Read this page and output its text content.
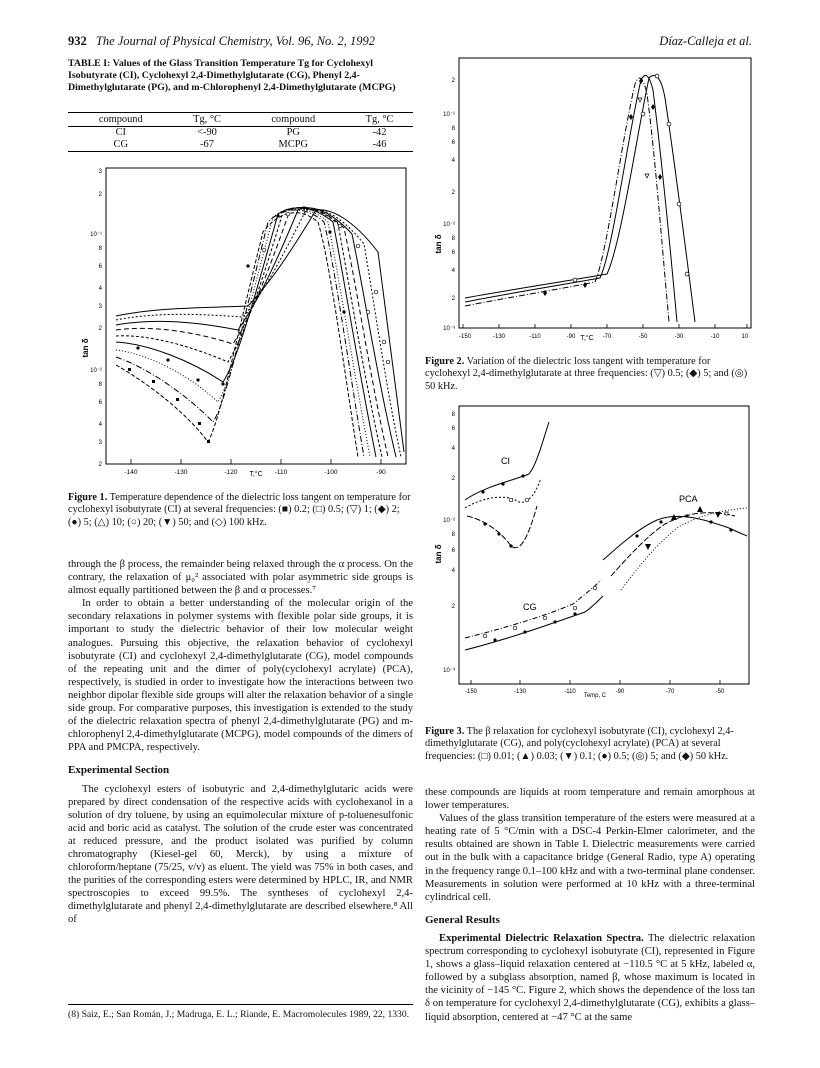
932 The Journal of Physical Chemistry, Vol. 96, No. 2, 1992	Díaz-Calleja et al.
TABLE I: Values of the Glass Transition Temperature Tg for Cyclohexyl Isobutyrate (CI), Cyclohexyl 2,4-Dimethylglutarate (CG), Phenyl 2,4-Dimethylglutarate (PG), and m-Chlorophenyl 2,4-Dimethylglutarate (MCPG)
compound	Tg, °C	compound	Tg, °C
CI	<-90	PG	-42
CG	-67	MCPG	-46
-140	-130	-120	-110	-100	-90
T,°C
3
2
10⁻¹
8
6
4
3
2
10⁻²
8
6
4
3
2
tan δ
Figure 1. Temperature dependence of the dielectric loss tangent on temperature for cyclohexyl isobutyrate (CI) at several frequencies: (■) 0.2; (□) 0.5; (▽) 1; (◆) 2; (●) 5; (△) 10; (○) 20; (▼) 50; and (◇) 100 kHz.

through the β process, the remainder being relaxed through the α process. On the contrary, the relaxation of μ₀² associated with polar asymmetric side groups is almost equally partitioned between the β and α processes.⁷

In order to obtain a better understanding of the molecular origin of the secondary relaxations in polymer systems with flexible polar side groups, it is important to study the dielectric behavior of their low molecular weight analogues. Pursuing this objective, the relaxation behavior of cyclohexyl isobutyrate (CI) and cyclohexyl 2,4-dimethylglutarate (CG), model compounds of the repeating unit and the dimer of poly(cyclohexyl acrylate) (PCA), respectively, is studied in order to investigate how the interactions between two neighbor dipolar flexible side groups will alter the relaxation behavior of a single side group. For comparative purposes, this investigation is extended to the study of the dielectric relaxation spectra of phenyl 2,4-dimethylglutarate (PG) and m-chlorophenyl 2,4-dimethylglutarate (MCPG), model compounds of the dimers of PPA and PMCPA, respectively.

Experimental Section

The cyclohexyl esters of isobutyric and 2,4-dimethylglutaric acids were prepared by direct condensation of the respective acids with cyclohexanol in a solution of dry toluene, by using an equimolecular mixture of p-toluenesulfonic acid and boric acid as catalyst. The solution of the crude ester was concentrated at reduced pressure, and the product isolated was purified by column chromatography (Kiesel-gel 60, Merck), by using a mixture of chloroform/heptane (75/25, v/v) as eluent. The yield was 75% in both cases, and the purities of the corresponding esters were determined by HPLC, IR, and NMR spectroscopies to exceed 99.5%. The syntheses of cyclohexyl 2,4-dimethylglutarate and phenyl 2,4-dimethylglutarate are described elsewhere.⁸ All of

(8) Saiz, E.; San Román, J.; Madruga, E. L.; Riande, E. Macromolecules 1989, 22, 1330.
-150	-130	-110	-90	-70	-50	-30	-10	10
T,°C
2
10⁻¹
8
6
4
2
10⁻²
8
6
4
2
10⁻³
tan δ
Figure 2. Variation of the dielectric loss tangent with temperature for cyclohexyl 2,4-dimethylglutarate at three frequencies: (▽) 0.5; (◆) 5; and (◎) 50 kHz.
-150	-130	-110	-90	-70	-50
Temp, C
8
6
4
2
10⁻²
8
6
4
2
10⁻³
tan δ
CI
CG
PCA
Figure 3. The β relaxation for cyclohexyl isobutyrate (CI), cyclohexyl 2,4-dimethylglutarate (CG), and poly(cyclohexyl acrylate) (PCA) at several frequencies: (□) 0.01; (▲) 0.03; (▼) 0.1; (●) 0.5; (◎) 5; and (◆) 50 kHz.

these compounds are liquids at room temperature and remain amorphous at lower temperatures.

Values of the glass transition temperature of the esters were measured at a heating rate of 5 °C/min with a DSC-4 Perkin-Elmer calorimeter, and the results obtained are shown in Table I. Dielectric measurements were carried out in the bulk with a capacitance bridge (General Radio, type A) operating in the frequency range 0.1–100 kHz and with a two-terminal plane condenser. Measurements in solution were performed at 10 kHz with a three-terminal cylindrical cell.

General Results

Experimental Dielectric Relaxation Spectra. The dielectric relaxation spectrum corresponding to cyclohexyl isobutyrate (CI), represented in Figure 1, shows a glass–liquid relaxation centered at −110.5 °C at 5 kHz, labeled α, followed by a subglass absorption, named β, whose maximum is located in the vicinity of −145 °C. Figure 2, which shows the dependence of the loss tan δ on temperature for cyclohexyl 2,4-dimethylglutarate (CG), exhibits a glass–liquid absorption, centered at −47 °C at the same
